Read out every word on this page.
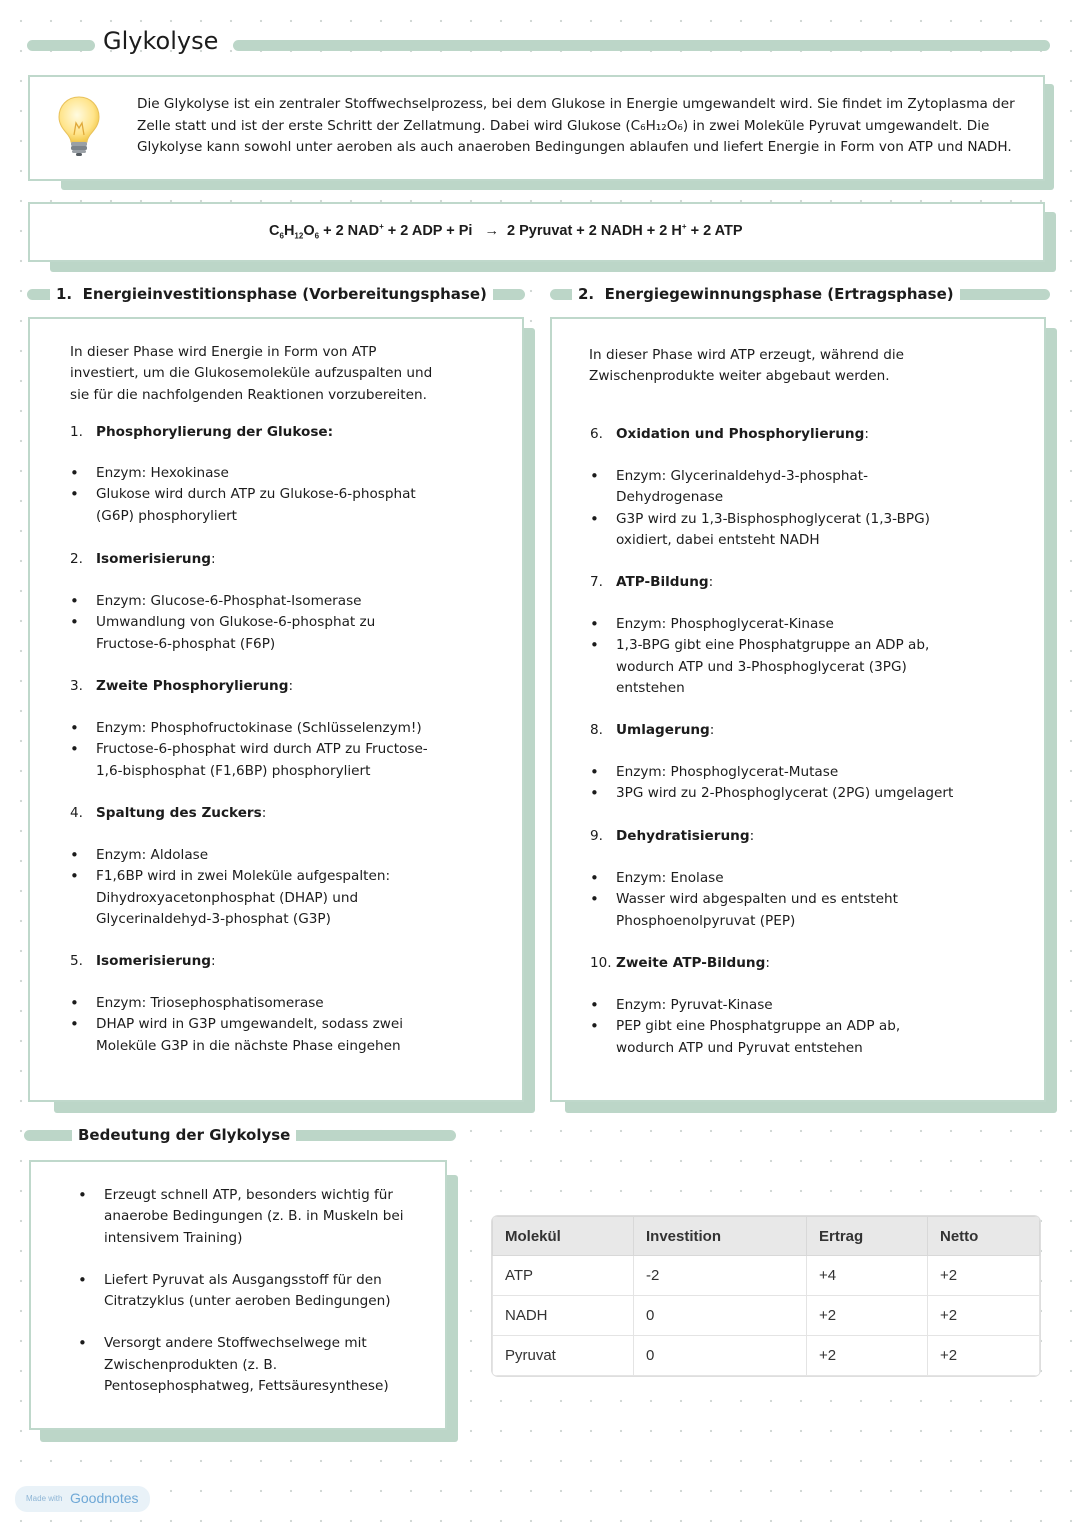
Glykolyse
Die Glykolyse ist ein zentraler Stoffwechselprozess, bei dem Glukose in Energie umgewandelt wird. Sie findet im Zytoplasma der Zelle statt und ist der erste Schritt der Zellatmung. Dabei wird Glukose (C₆H₁₂O₆) in zwei Moleküle Pyruvat umgewandelt. Die Glykolyse kann sowohl unter aeroben als auch anaeroben Bedingungen ablaufen und liefert Energie in Form von ATP und NADH.
$C_6H_{12}O_6 + 2$ NAD+ + 2 ADP + Pi → 2 Pyruvat + 2 NADH + 2 H+ + 2 ATP
1.  Energieinvestitionsphase (Vorbereitungsphase)
In dieser Phase wird Energie in Form von ATP investiert, um die Glukosemoleküle aufzuspalten und sie für die nachfolgenden Reaktionen vorzubereiten.
1. Phosphorylierung der Glukose:
• Enzym: Hexokinase
• Glukose wird durch ATP zu Glukose-6-phosphat (G6P) phosphoryliert
2. Isomerisierung:
• Enzym: Glucose-6-Phosphat-Isomerase
• Umwandlung von Glukose-6-phosphat zu Fructose-6-phosphat (F6P)
3. Zweite Phosphorylierung:
• Enzym: Phosphofructokinase (Schlüsselenzym!)
• Fructose-6-phosphat wird durch ATP zu Fructose-1,6-bisphosphat (F1,6BP) phosphoryliert
4. Spaltung des Zuckers:
• Enzym: Aldolase
• F1,6BP wird in zwei Moleküle aufgespalten: Dihydroxyacetonphosphat (DHAP) und Glycerinaldehyd-3-phosphat (G3P)
5. Isomerisierung:
• Enzym: Triosephosphatisomerase
• DHAP wird in G3P umgewandelt, sodass zwei Moleküle G3P in die nächste Phase eingehen
2.  Energiegewinnungsphase (Ertragsphase)
In dieser Phase wird ATP erzeugt, während die Zwischenprodukte weiter abgebaut werden.
6. Oxidation und Phosphorylierung:
• Enzym: Glycerinaldehyd-3-phosphat-Dehydrogenase
• G3P wird zu 1,3-Bisphosphoglycerat (1,3-BPG) oxidiert, dabei entsteht NADH
7. ATP-Bildung:
• Enzym: Phosphoglycerat-Kinase
• 1,3-BPG gibt eine Phosphatgruppe an ADP ab, wodurch ATP und 3-Phosphoglycerat (3PG) entstehen
8. Umlagerung:
• Enzym: Phosphoglycerat-Mutase
• 3PG wird zu 2-Phosphoglycerat (2PG) umgelagert
9. Dehydratisierung:
• Enzym: Enolase
• Wasser wird abgespalten und es entsteht Phosphoenolpyruvat (PEP)
10. Zweite ATP-Bildung:
• Enzym: Pyruvat-Kinase
• PEP gibt eine Phosphatgruppe an ADP ab, wodurch ATP und Pyruvat entstehen
Bedeutung der Glykolyse
• Erzeugt schnell ATP, besonders wichtig für anaerobe Bedingungen (z. B. in Muskeln bei intensivem Training)
• Liefert Pyruvat als Ausgangsstoff für den Citratzyklus (unter aeroben Bedingungen)
• Versorgt andere Stoffwechselwege mit Zwischenprodukten (z. B. Pentosephosphatweg, Fettsäuresynthese)
Molekül	Investition	Ertrag	Netto
ATP	-2	+4	+2
NADH	0	+2	+2
Pyruvat	0	+2	+2
Made with Goodnotes
